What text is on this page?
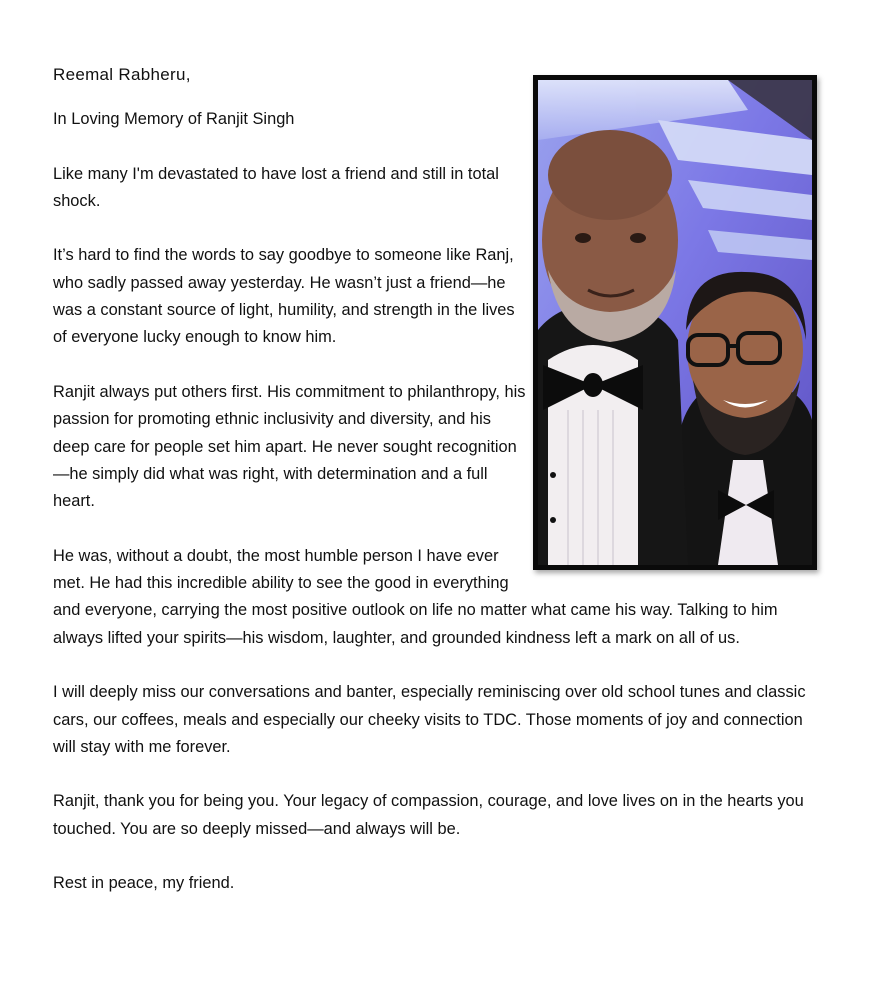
Reemal Rabheru,

In Loving Memory of Ranjit Singh

Like many I'm devastated to have lost a friend and still in total shock.

It’s hard to find the words to say goodbye to someone like Ranj, who sadly passed away yesterday. He wasn’t just a friend—he was a constant source of light, humility, and strength in the lives of everyone lucky enough to know him.

Ranjit always put others first. His commitment to philanthropy, his passion for promoting ethnic inclusivity and diversity, and his deep care for people set him apart. He never sought recognition—he simply did what was right, with determination and a full heart.

He was, without a doubt, the most humble person I have ever met. He had this incredible ability to see the good in everything and everyone, carrying the most positive outlook on life no matter what came his way. Talking to him always lifted your spirits—his wisdom, laughter, and grounded kindness left a mark on all of us.

I will deeply miss our conversations and banter, especially reminiscing over old school tunes and classic cars, our coffees, meals and especially our cheeky visits to TDC. Those moments of joy and connection will stay with me forever.

Ranjit, thank you for being you. Your legacy of compassion, courage, and love lives on in the hearts you touched. You are so deeply missed—and always will be.

Rest in peace, my friend.
